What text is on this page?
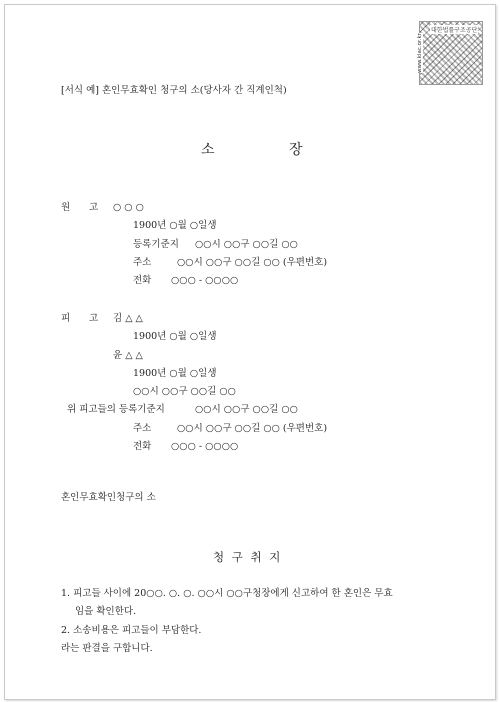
대한법률구조공단
www.klac.or.kr
[서식 예] 혼인무효확인 청구의 소(당사자 간 직계인척)
소	장
원 고 ○ ○ ○
1900년 ○월 ○일생
등록기준지 ○○시 ○○구 ○○길 ○○
주소	○○시 ○○구 ○○길 ○○ (우편번호)
전화 ○○○ - ○○○○
피 고 김 △ △
1900년 ○월 ○일생
윤 △ △
1900년 ○월 ○일생
○○시 ○○구 ○○길 ○○
위 피고들의 등록기준지	○○시 ○○구 ○○길 ○○
주소	○○시 ○○구 ○○길 ○○ (우편번호)
전화 ○○○ - ○○○○
혼인무효확인청구의 소
청 구 취 지
1. 피고들 사이에 20○○. ○. ○. ○○시 ○○구청장에게 신고하여 한 혼인은 무효
임을 확인한다.
2. 소송비용은 피고들이 부담한다.
라는 판결을 구합니다.
